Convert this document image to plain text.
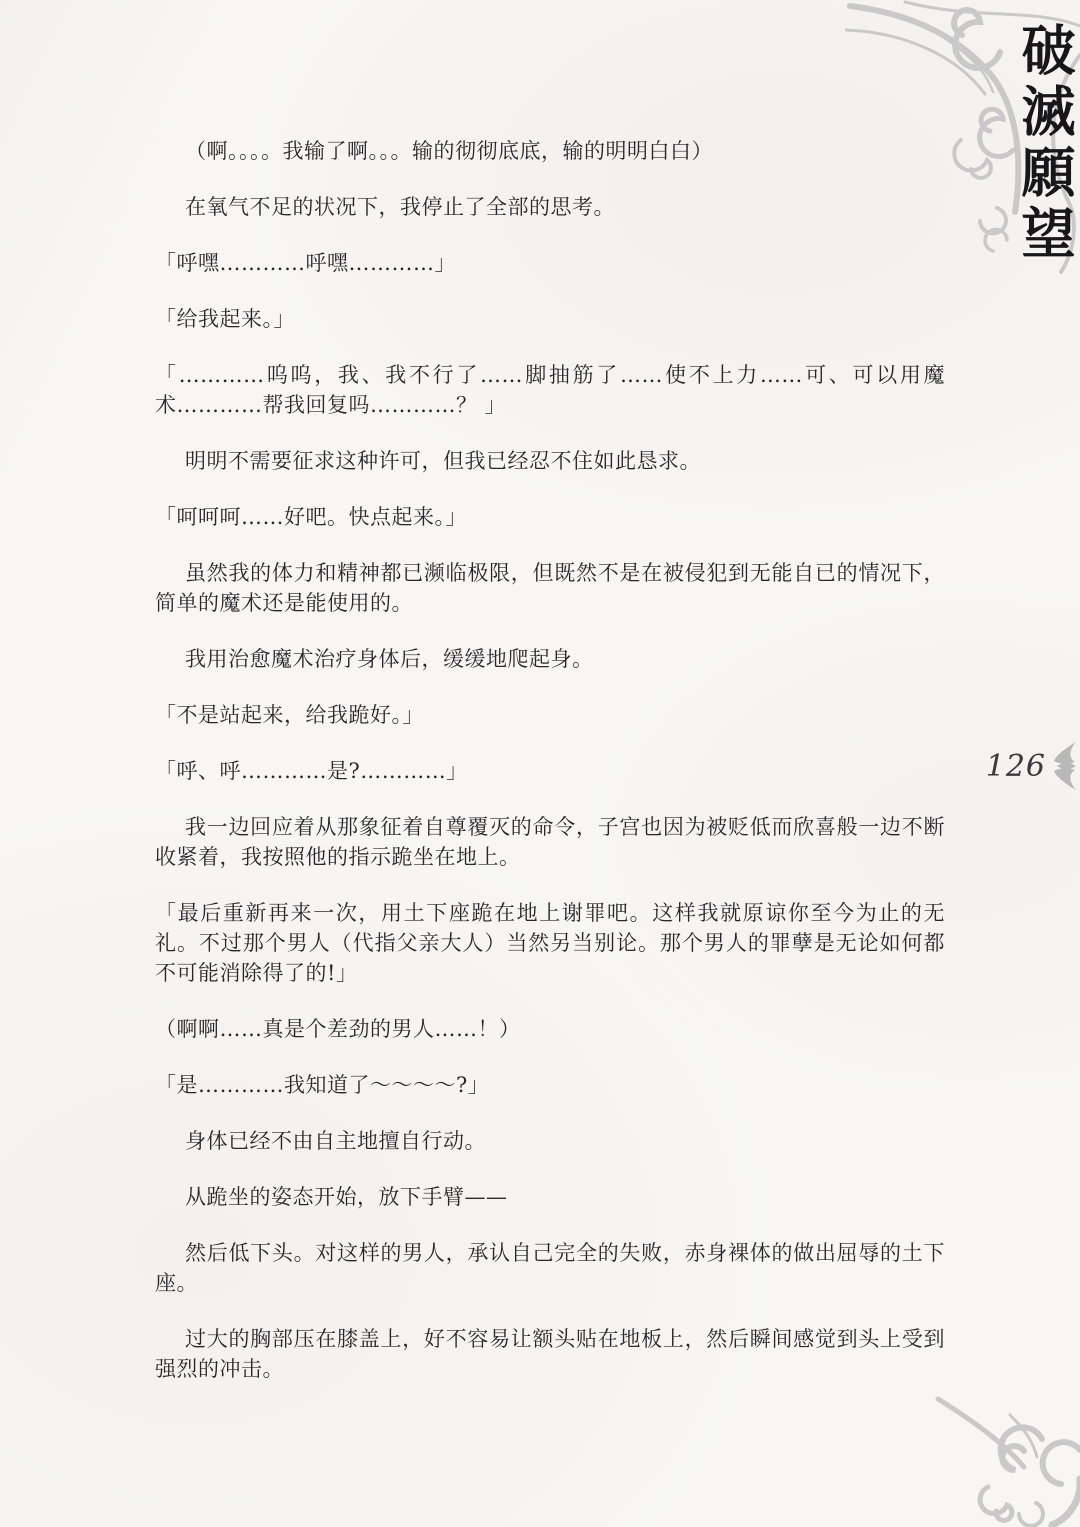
破滅願望
126

（啊。。。。我输了啊。。。输的彻彻底底，输的明明白白）

在氧气不足的状况下，我停止了全部的思考。

「呼嘿…………呼嘿…………」

「给我起来。」

「…………呜呜，我、我不行了……脚抽筋了……使不上力……可、可以用魔术…………帮我回复吗…………？ 」

明明不需要征求这种许可，但我已经忍不住如此恳求。

「呵呵呵……好吧。快点起来。」

虽然我的体力和精神都已濒临极限，但既然不是在被侵犯到无能自已的情况下，简单的魔术还是能使用的。

我用治愈魔术治疗身体后，缓缓地爬起身。

「不是站起来，给我跪好。」

「呼、呼…………是?…………」

我一边回应着从那象征着自尊覆灭的命令，子宫也因为被贬低而欣喜般一边不断收紧着，我按照他的指示跪坐在地上。

「最后重新再来一次，用土下座跪在地上谢罪吧。这样我就原谅你至今为止的无礼。不过那个男人（代指父亲大人）当然另当别论。那个男人的罪孽是无论如何都不可能消除得了的!」

（啊啊……真是个差劲的男人……！）

「是…………我知道了～～～～?」

身体已经不由自主地擅自行动。

从跪坐的姿态开始，放下手臂——

然后低下头。对这样的男人，承认自己完全的失败，赤身裸体的做出屈辱的土下座。

过大的胸部压在膝盖上，好不容易让额头贴在地板上，然后瞬间感觉到头上受到强烈的冲击。
